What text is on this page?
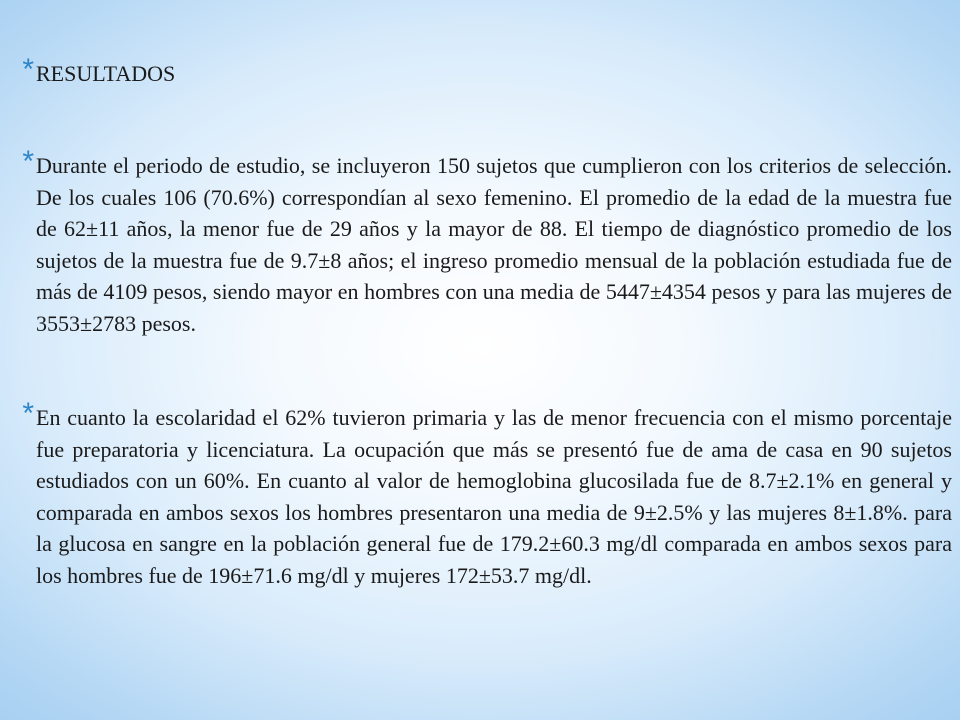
* RESULTADOS

* Durante el periodo de estudio, se incluyeron 150 sujetos que cumplieron con los criterios de selección. De los cuales 106 (70.6%) correspondían al sexo femenino. El promedio de la edad de la muestra fue de 62±11 años, la menor fue de 29 años y la mayor de 88. El tiempo de diagnóstico promedio de los sujetos de la muestra fue de 9.7±8 años; el ingreso promedio mensual de la población estudiada fue de más de 4109 pesos, siendo mayor en hombres con una media de 5447±4354 pesos y para las mujeres de 3553±2783 pesos.

* En cuanto la escolaridad el 62% tuvieron primaria y las de menor frecuencia con el mismo porcentaje fue preparatoria y licenciatura. La ocupación que más se presentó fue de ama de casa en 90 sujetos estudiados con un 60%. En cuanto al valor de hemoglobina glucosilada fue de 8.7±2.1% en general y comparada en ambos sexos los hombres presentaron una media de 9±2.5% y las mujeres 8±1.8%. para la glucosa en sangre en la población general fue de 179.2±60.3 mg/dl comparada en ambos sexos para los hombres fue de 196±71.6 mg/dl y mujeres 172±53.7 mg/dl.
